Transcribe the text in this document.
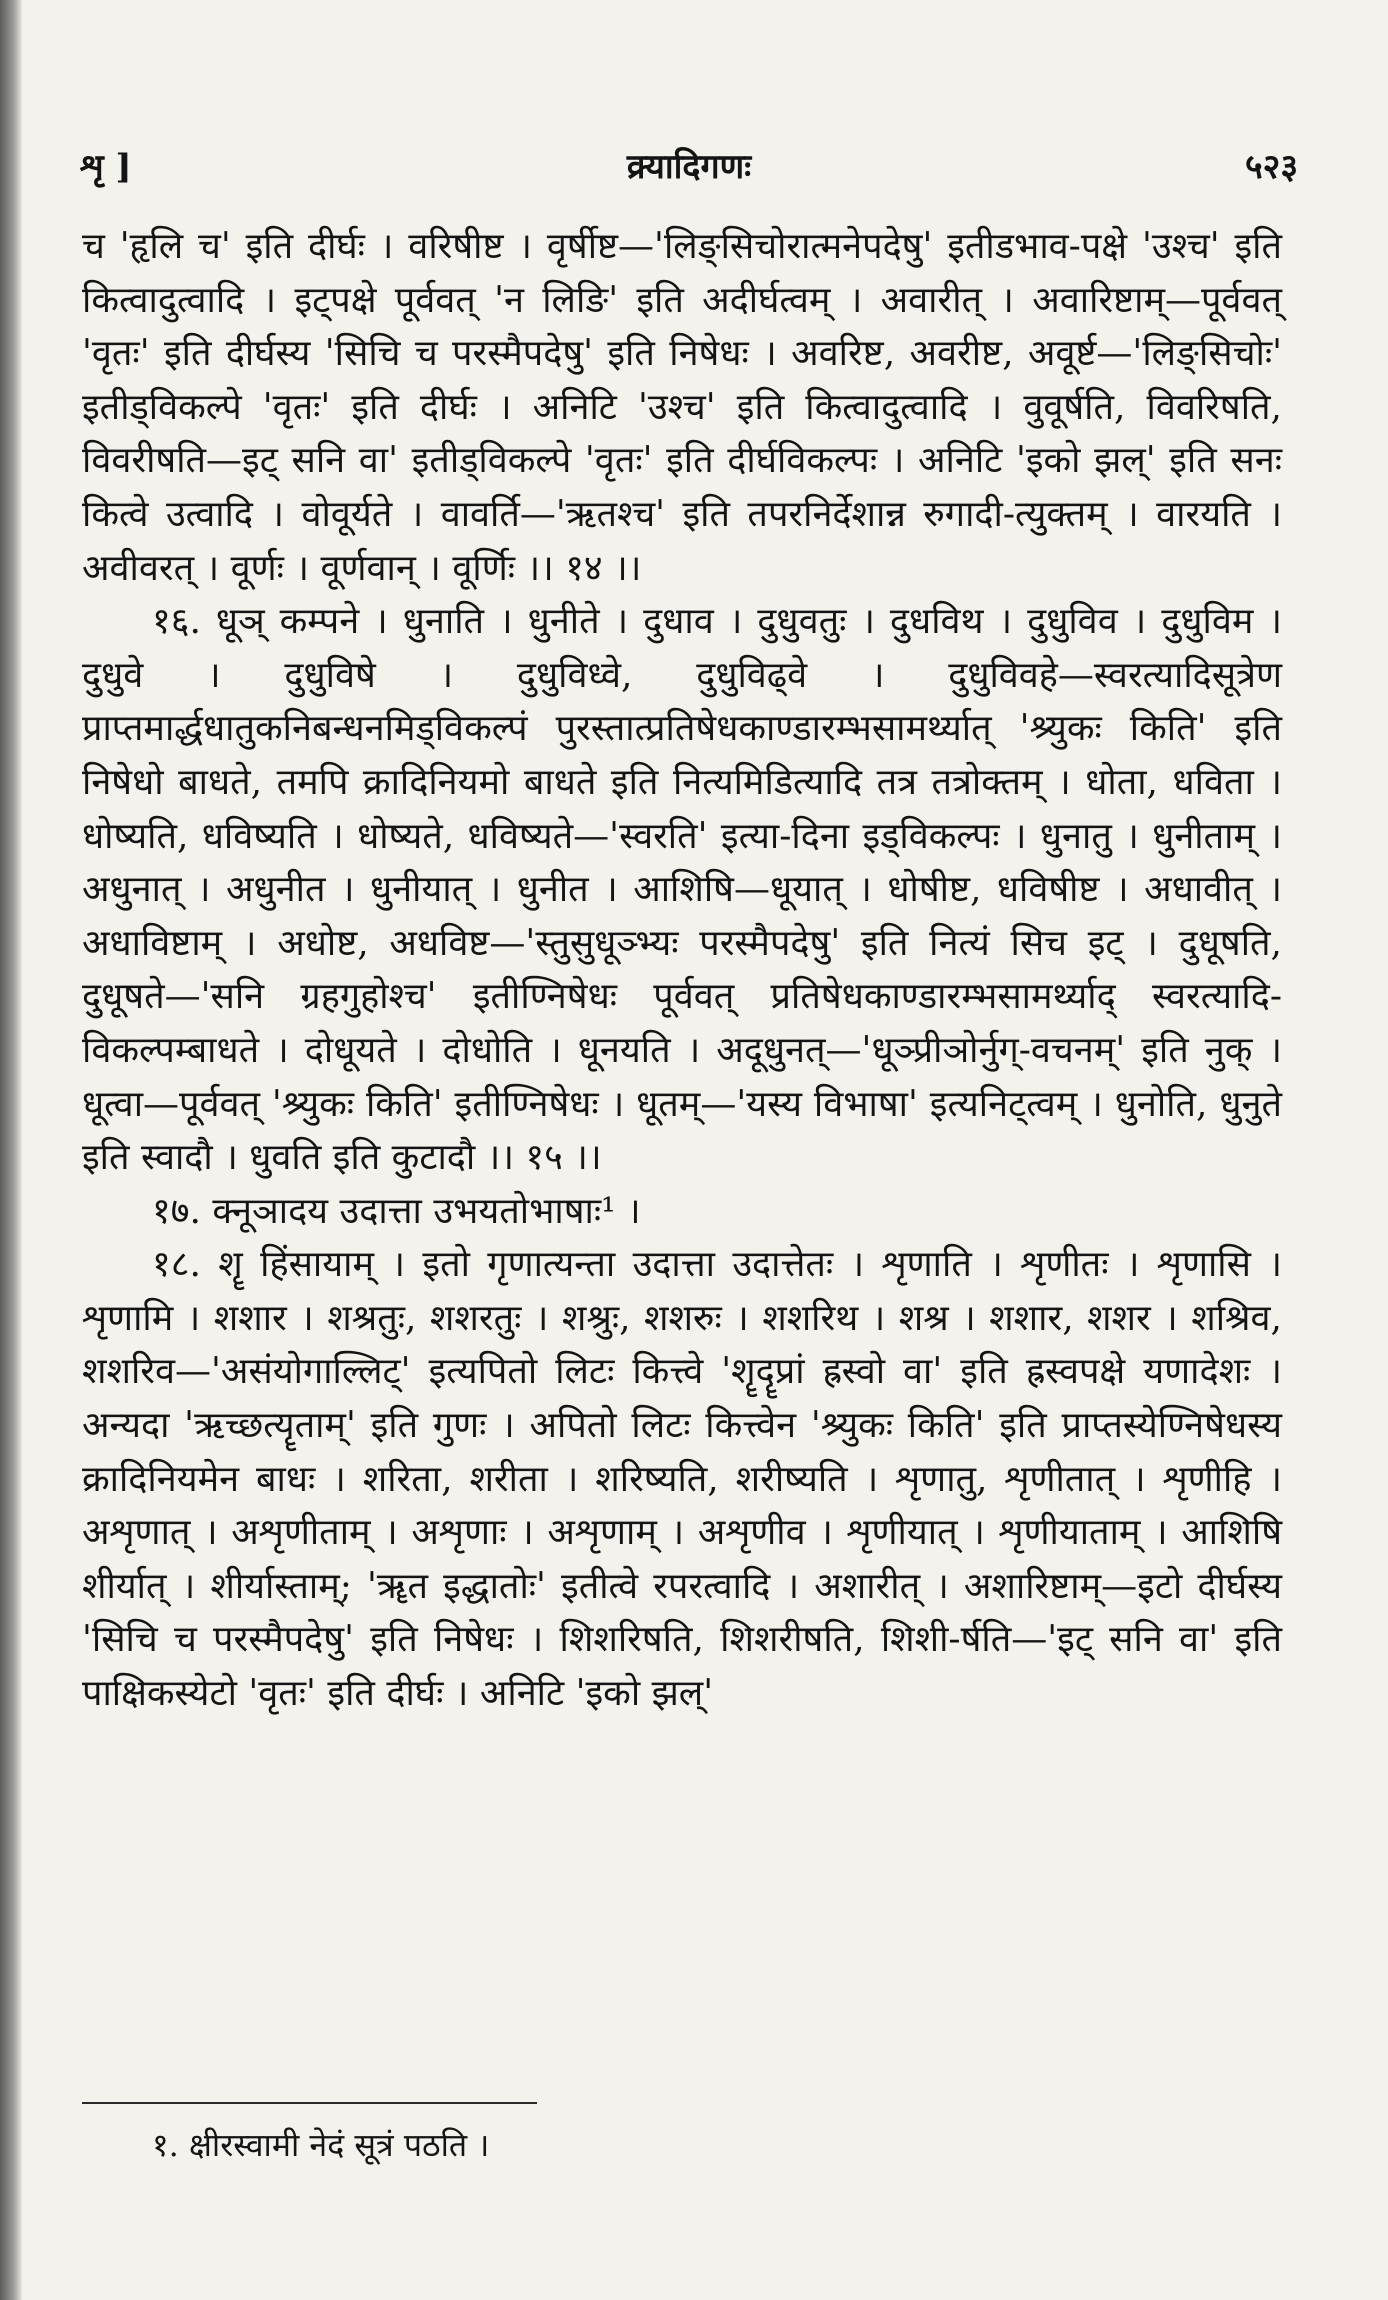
शृ ]	क्र्यादिगणः	५२३

च 'हृलि च' इति दीर्घः । वरिषीष्ट । वृर्षीष्ट—'लिङ्सिचोरात्मनेपदेषु' इतीडभाव-पक्षे 'उश्च' इति कित्वादुत्वादि । इट्पक्षे पूर्ववत् 'न लिङि' इति अदीर्घत्वम् । अवारीत् । अवारिष्टाम्—पूर्ववत् 'वृतः' इति दीर्घस्य 'सिचि च परस्मैपदेषु' इति निषेधः । अवरिष्ट, अवरीष्ट, अवूर्ष्ट—'लिङ्सिचोः' इतीड्विकल्पे 'वृतः' इति दीर्घः । अनिटि 'उश्च' इति कित्वादुत्वादि । वुवूर्षति, विवरिषति, विवरीषति—इट् सनि वा' इतीड्विकल्पे 'वृतः' इति दीर्घविकल्पः । अनिटि 'इको झल्' इति सनः कित्वे उत्वादि । वोवूर्यते । वावर्ति—'ऋतश्च' इति तपरनिर्देशान्न रुगादी-त्युक्तम् । वारयति । अवीवरत् । वूर्णः । वूर्णवान् । वूर्णिः ।। १४ ।।

१६. धूञ् कम्पने । धुनाति । धुनीते । दुधाव । दुधुवतुः । दुधविथ । दुधुविव । दुधुविम । दुधुवे । दुधुविषे । दुधुविध्वे, दुधुविढ्वे । दुधुविवहे—स्वरत्यादिसूत्रेण प्राप्तमार्द्धधातुकनिबन्धनमिड्विकल्पं पुरस्तात्प्रतिषेधकाण्डारम्भसामर्थ्यात् 'श्र्युकः किति' इति निषेधो बाधते, तमपि क्रादिनियमो बाधते इति नित्यमिडित्यादि तत्र तत्रोक्तम् । धोता, धविता । धोष्यति, धविष्यति । धोष्यते, धविष्यते—'स्वरति' इत्या-दिना इड्विकल्पः । धुनातु । धुनीताम् । अधुनात् । अधुनीत । धुनीयात् । धुनीत । आशिषि—धूयात् । धोषीष्ट, धविषीष्ट । अधावीत् । अधाविष्टाम् । अधोष्ट, अधविष्ट—'स्तुसुधूञ्भ्यः परस्मैपदेषु' इति नित्यं सिच इट् । दुधूषति, दुधूषते—'सनि ग्रहगुहोश्च' इतीण्निषेधः पूर्ववत् प्रतिषेधकाण्डारम्भसामर्थ्याद् स्वरत्यादि-विकल्पम्बाधते । दोधूयते । दोधोति । धूनयति । अदूधुनत्—'धूञ्प्रीञोर्नुग्-वचनम्' इति नुक् । धूत्वा—पूर्ववत् 'श्र्युकः किति' इतीण्निषेधः । धूतम्—'यस्य विभाषा' इत्यनिट्त्वम् । धुनोति, धुनुते इति स्वादौ । धुवति इति कुटादौ ।। १५ ।।

१७. क्नूञादय उदात्ता उभयतोभाषाः¹ ।

१८. शॄ हिंसायाम् । इतो गृणात्यन्ता उदात्ता उदात्तेतः । शृणाति । शृणीतः । शृणासि । शृणामि । शशार । शश्रतुः, शशरतुः । शश्रुः, शशरुः । शशरिथ । शश्र । शशार, शशर । शश्रिव, शशरिव—'असंयोगाल्लिट्' इत्यपितो लिटः कित्त्वे 'शॄदॄप्रां ह्रस्वो वा' इति ह्रस्वपक्षे यणादेशः । अन्यदा 'ऋच्छत्यॄताम्' इति गुणः । अपितो लिटः कित्त्वेन 'श्र्युकः किति' इति प्राप्तस्येण्निषेधस्य क्रादिनियमेन बाधः । शरिता, शरीता । शरिष्यति, शरीष्यति । शृणातु, शृणीतात् । शृणीहि । अशृणात् । अशृणीताम् । अशृणाः । अशृणाम् । अशृणीव । शृणीयात् । शृणीयाताम् । आशिषि शीर्यात् । शीर्यास्ताम्; 'ॠत इद्धातोः' इतीत्वे रपरत्वादि । अशारीत् । अशारिष्टाम्—इटो दीर्घस्य 'सिचि च परस्मैपदेषु' इति निषेधः । शिशरिषति, शिशरीषति, शिशी-र्षति—'इट् सनि वा' इति पाक्षिकस्येटो 'वृतः' इति दीर्घः । अनिटि 'इको झल्'

१. क्षीरस्वामी नेदं सूत्रं पठति ।
